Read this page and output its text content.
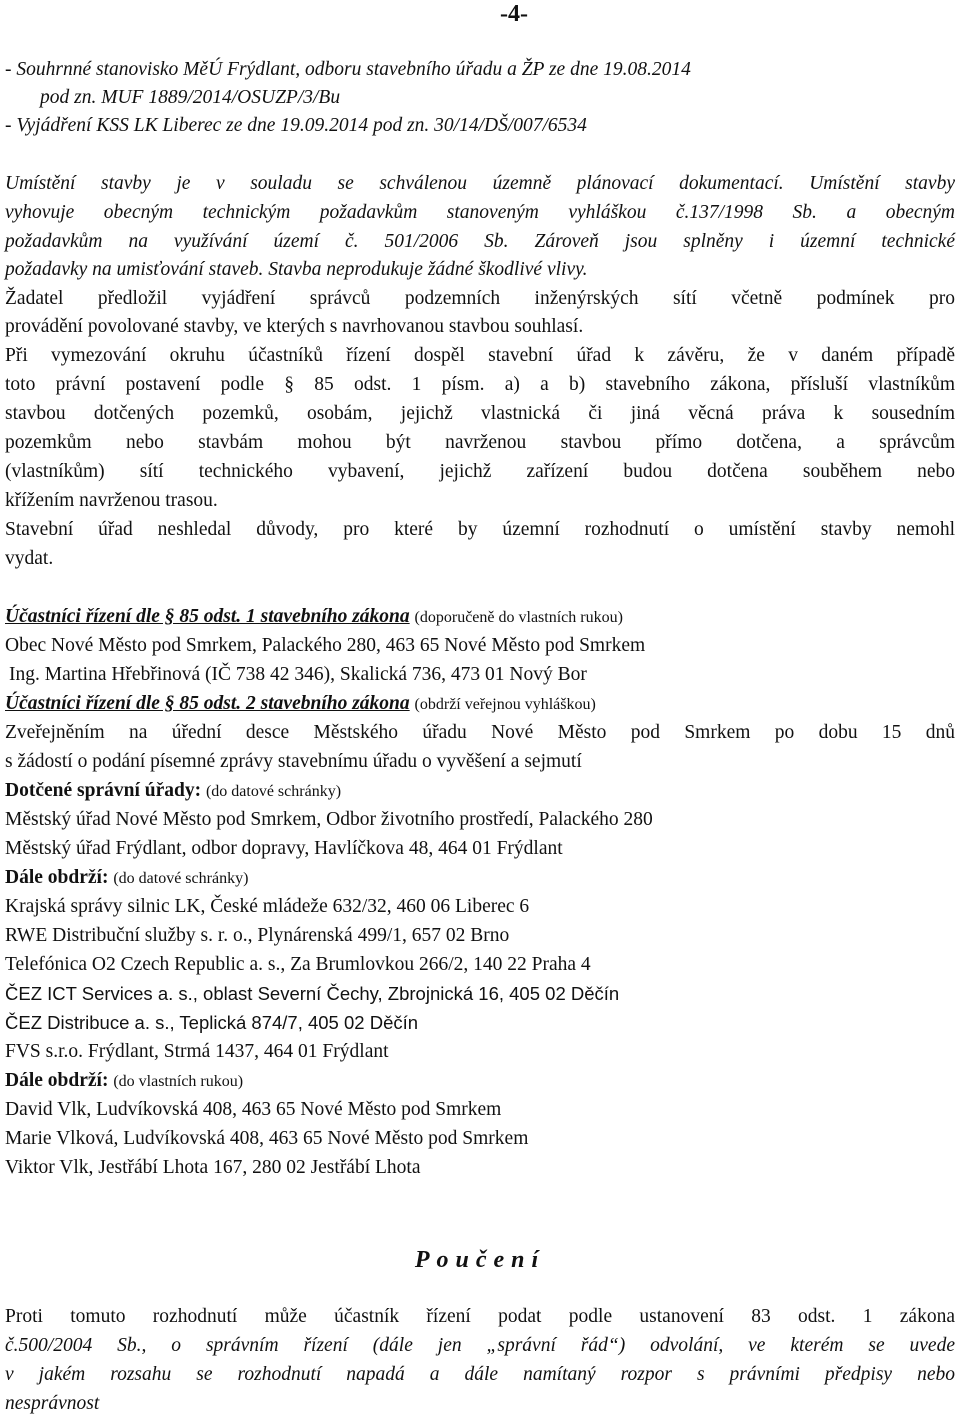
-4-
- Souhrnné stanovisko MěÚ Frýdlant, odboru stavebního úřadu a ŽP ze dne 19.08.2014
pod zn. MUF 1889/2014/OSUZP/3/Bu
- Vyjádření KSS LK Liberec ze dne 19.09.2014 pod zn. 30/14/DŠ/007/6534
Umístění stavby je v souladu se schválenou územně plánovací dokumentací. Umístění stavby
vyhovuje obecným technickým požadavkům stanoveným vyhláškou č.137/1998 Sb. a obecným
požadavkům na využívání území č. 501/2006 Sb. Zároveň jsou splněny i územní technické
požadavky na umisťování staveb. Stavba neprodukuje žádné škodlivé vlivy.
Žadatel předložil vyjádření správců podzemních inženýrských sítí včetně podmínek pro
provádění povolované stavby, ve kterých s navrhovanou stavbou souhlasí.
Při vymezování okruhu účastníků řízení dospěl stavební úřad k závěru, že v daném případě
toto právní postavení podle § 85 odst. 1 písm. a) a b) stavebního zákona, přísluší vlastníkům
stavbou dotčených pozemků, osobám, jejichž vlastnická či jiná věcná práva k sousedním
pozemkům nebo stavbám mohou být navrženou stavbou přímo dotčena, a správcům
(vlastníkům) sítí technického vybavení, jejichž zařízení budou dotčena souběhem nebo
křížením navrženou trasou.
Stavební úřad neshledal důvody, pro které by územní rozhodnutí o umístění stavby nemohl
vydat.
Účastníci řízení dle § 85 odst. 1 stavebního zákona (doporučeně do vlastních rukou)
Obec Nové Město pod Smrkem, Palackého 280, 463 65 Nové Město pod Smrkem
Ing. Martina Hřebřinová (IČ 738 42 346), Skalická 736, 473 01 Nový Bor
Účastníci řízení dle § 85 odst. 2 stavebního zákona (obdrží veřejnou vyhláškou)
Zveřejněním na úřední desce Městského úřadu Nové Město pod Smrkem po dobu 15 dnů
s žádostí o podání písemné zprávy stavebnímu úřadu o vyvěšení a sejmutí
Dotčené správní úřady: (do datové schránky)
Městský úřad Nové Město pod Smrkem, Odbor životního prostředí, Palackého 280
Městský úřad Frýdlant, odbor dopravy, Havlíčkova 48, 464 01 Frýdlant
Dále obdrží: (do datové schránky)
Krajská správy silnic LK, České mládeže 632/32, 460 06 Liberec 6
RWE Distribuční služby s. r. o., Plynárenská 499/1, 657 02 Brno
Telefónica O2 Czech Republic a. s., Za Brumlovkou 266/2, 140 22 Praha 4
ČEZ ICT Services a. s., oblast Severní Čechy, Zbrojnická 16, 405 02 Děčín
ČEZ Distribuce a. s., Teplická 874/7, 405 02 Děčín
FVS s.r.o. Frýdlant, Strmá 1437, 464 01 Frýdlant
Dále obdrží: (do vlastních rukou)
David Vlk, Ludvíkovská 408, 463 65 Nové Město pod Smrkem
Marie Vlková, Ludvíkovská 408, 463 65 Nové Město pod Smrkem
Viktor Vlk, Jestřábí Lhota 167, 280 02 Jestřábí Lhota
Poučení
Proti tomuto rozhodnutí může účastník řízení podat podle ustanovení 83 odst. 1 zákona
č.500/2004 Sb., o správním řízení (dále jen „správní řád“) odvolání, ve kterém se uvede
v jakém rozsahu se rozhodnutí napadá a dále namítaný rozpor s právními předpisy nebo
nesprávnost
